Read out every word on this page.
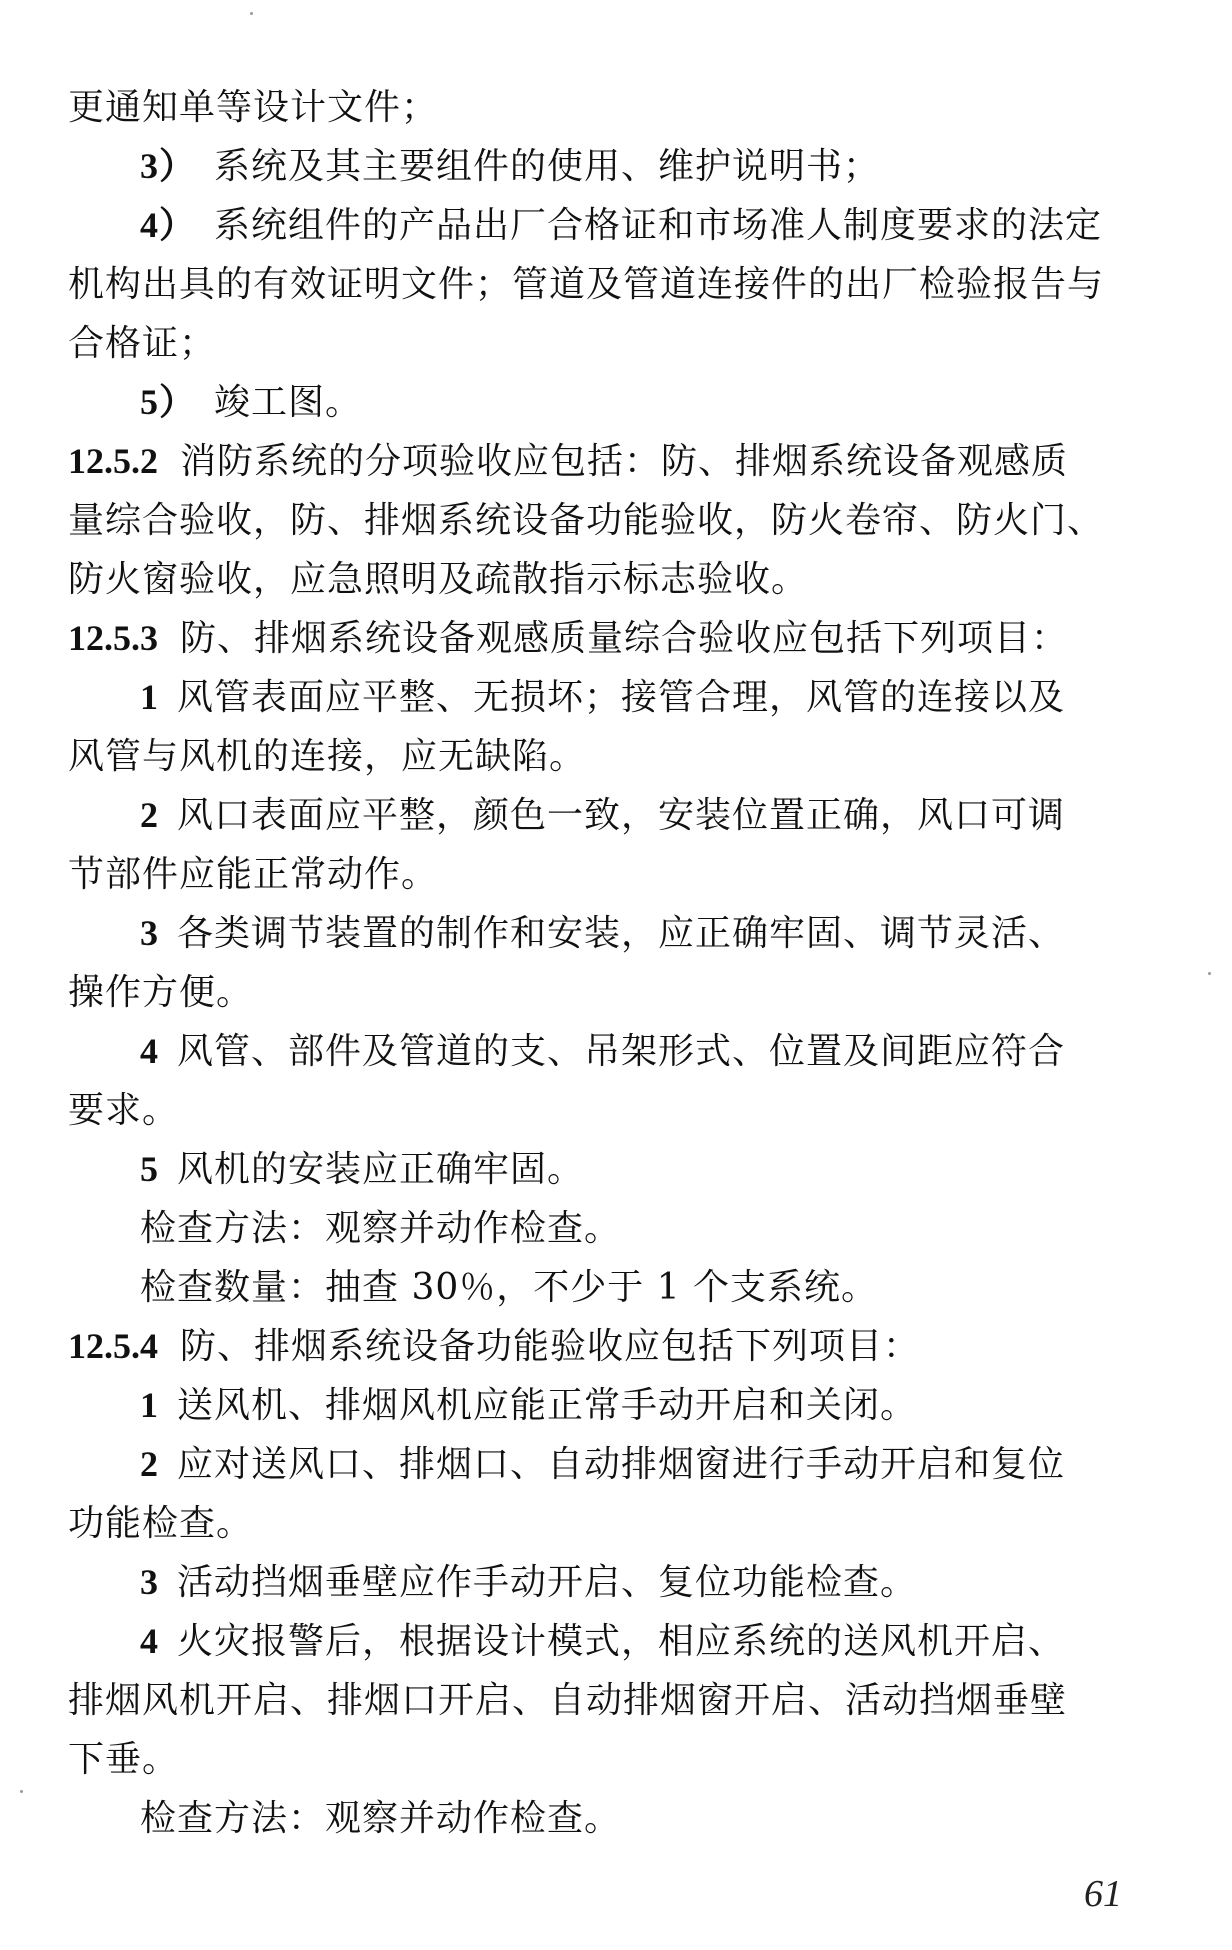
更通知单等设计文件；
3） 系统及其主要组件的使用、维护说明书；
4） 系统组件的产品出厂合格证和市场准人制度要求的法定
机构出具的有效证明文件；管道及管道连接件的出厂检验报告与
合格证；
5） 竣工图。
12.5.2 消防系统的分项验收应包括：防、排烟系统设备观感质
量综合验收，防、排烟系统设备功能验收，防火卷帘、防火门、
防火窗验收，应急照明及疏散指示标志验收。
12.5.3 防、排烟系统设备观感质量综合验收应包括下列项目：
1 风管表面应平整、无损坏；接管合理，风管的连接以及
风管与风机的连接，应无缺陷。
2 风口表面应平整，颜色一致，安装位置正确，风口可调
节部件应能正常动作。
3 各类调节装置的制作和安装，应正确牢固、调节灵活、
操作方便。
4 风管、部件及管道的支、吊架形式、位置及间距应符合
要求。
5 风机的安装应正确牢固。
检查方法：观察并动作检查。
检查数量：抽查 30％，不少于 1 个支系统。
12.5.4 防、排烟系统设备功能验收应包括下列项目：
1 送风机、排烟风机应能正常手动开启和关闭。
2 应对送风口、排烟口、自动排烟窗进行手动开启和复位
功能检查。
3 活动挡烟垂壁应作手动开启、复位功能检查。
4 火灾报警后，根据设计模式，相应系统的送风机开启、
排烟风机开启、排烟口开启、自动排烟窗开启、活动挡烟垂壁
下垂。
检查方法：观察并动作检查。
61
